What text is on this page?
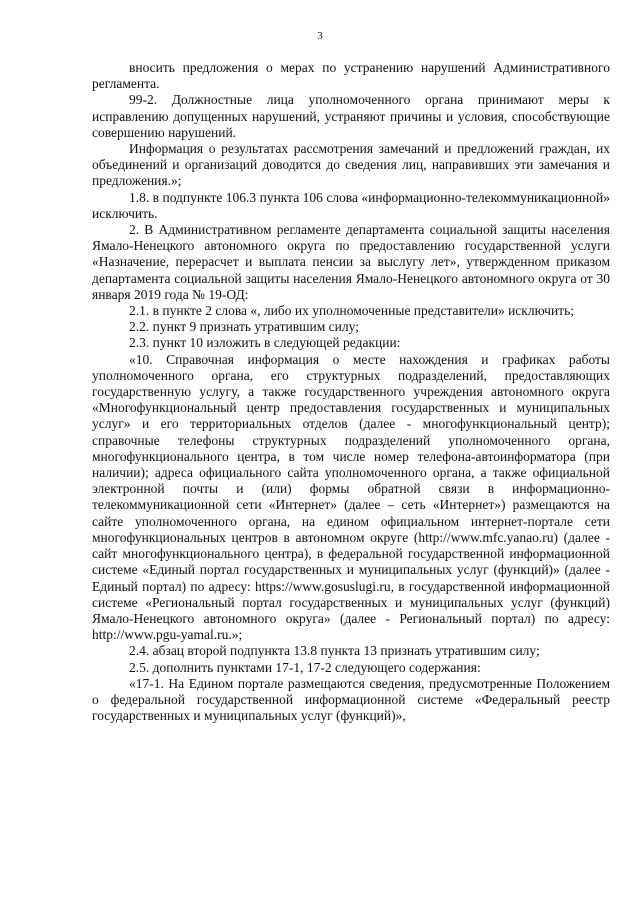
3

вносить предложения о мерах по устранению нарушений Административного регламента.

99-2. Должностные лица уполномоченного органа принимают меры к исправлению допущенных нарушений, устраняют причины и условия, способствующие совершению нарушений.

Информация о результатах рассмотрения замечаний и предложений граждан, их объединений и организаций доводится до сведения лиц, направивших эти замечания и предложения.»;

1.8. в подпункте 106.3 пункта 106 слова «информационно-телекоммуникационной» исключить.

2. В Административном регламенте департамента социальной защиты населения Ямало-Ненецкого автономного округа по предоставлению государственной услуги «Назначение, перерасчет и выплата пенсии за выслугу лет», утвержденном приказом департамента социальной защиты населения Ямало-Ненецкого автономного округа от 30 января 2019 года № 19-ОД:

2.1. в пункте 2 слова «, либо их уполномоченные представители» исключить;

2.2. пункт 9 признать утратившим силу;

2.3. пункт 10 изложить в следующей редакции:

«10. Справочная информация о месте нахождения и графиках работы уполномоченного органа, его структурных подразделений, предоставляющих государственную услугу, а также государственного учреждения автономного округа «Многофункциональный центр предоставления государственных и муниципальных услуг» и его территориальных отделов (далее - многофункциональный центр); справочные телефоны структурных подразделений уполномоченного органа, многофункционального центра, в том числе номер телефона-автоинформатора (при наличии); адреса официального сайта уполномоченного органа, а также официальной электронной почты и (или) формы обратной связи в информационно-телекоммуникационной сети «Интернет» (далее – сеть «Интернет») размещаются на сайте уполномоченного органа, на едином официальном интернет-портале сети многофункциональных центров в автономном округе (http://www.mfc.yanao.ru) (далее - сайт многофункционального центра), в федеральной государственной информационной системе «Единый портал государственных и муниципальных услуг (функций)» (далее - Единый портал) по адресу: https://www.gosuslugi.ru, в государственной информационной системе «Региональный портал государственных и муниципальных услуг (функций) Ямало-Ненецкого автономного округа» (далее - Региональный портал) по адресу: http://www.pgu-yamal.ru.»;

2.4. абзац второй подпункта 13.8 пункта 13 признать утратившим силу;

2.5. дополнить пунктами 17-1, 17-2 следующего содержания:

«17-1. На Едином портале размещаются сведения, предусмотренные Положением о федеральной государственной информационной системе «Федеральный реестр государственных и муниципальных услуг (функций)»,
